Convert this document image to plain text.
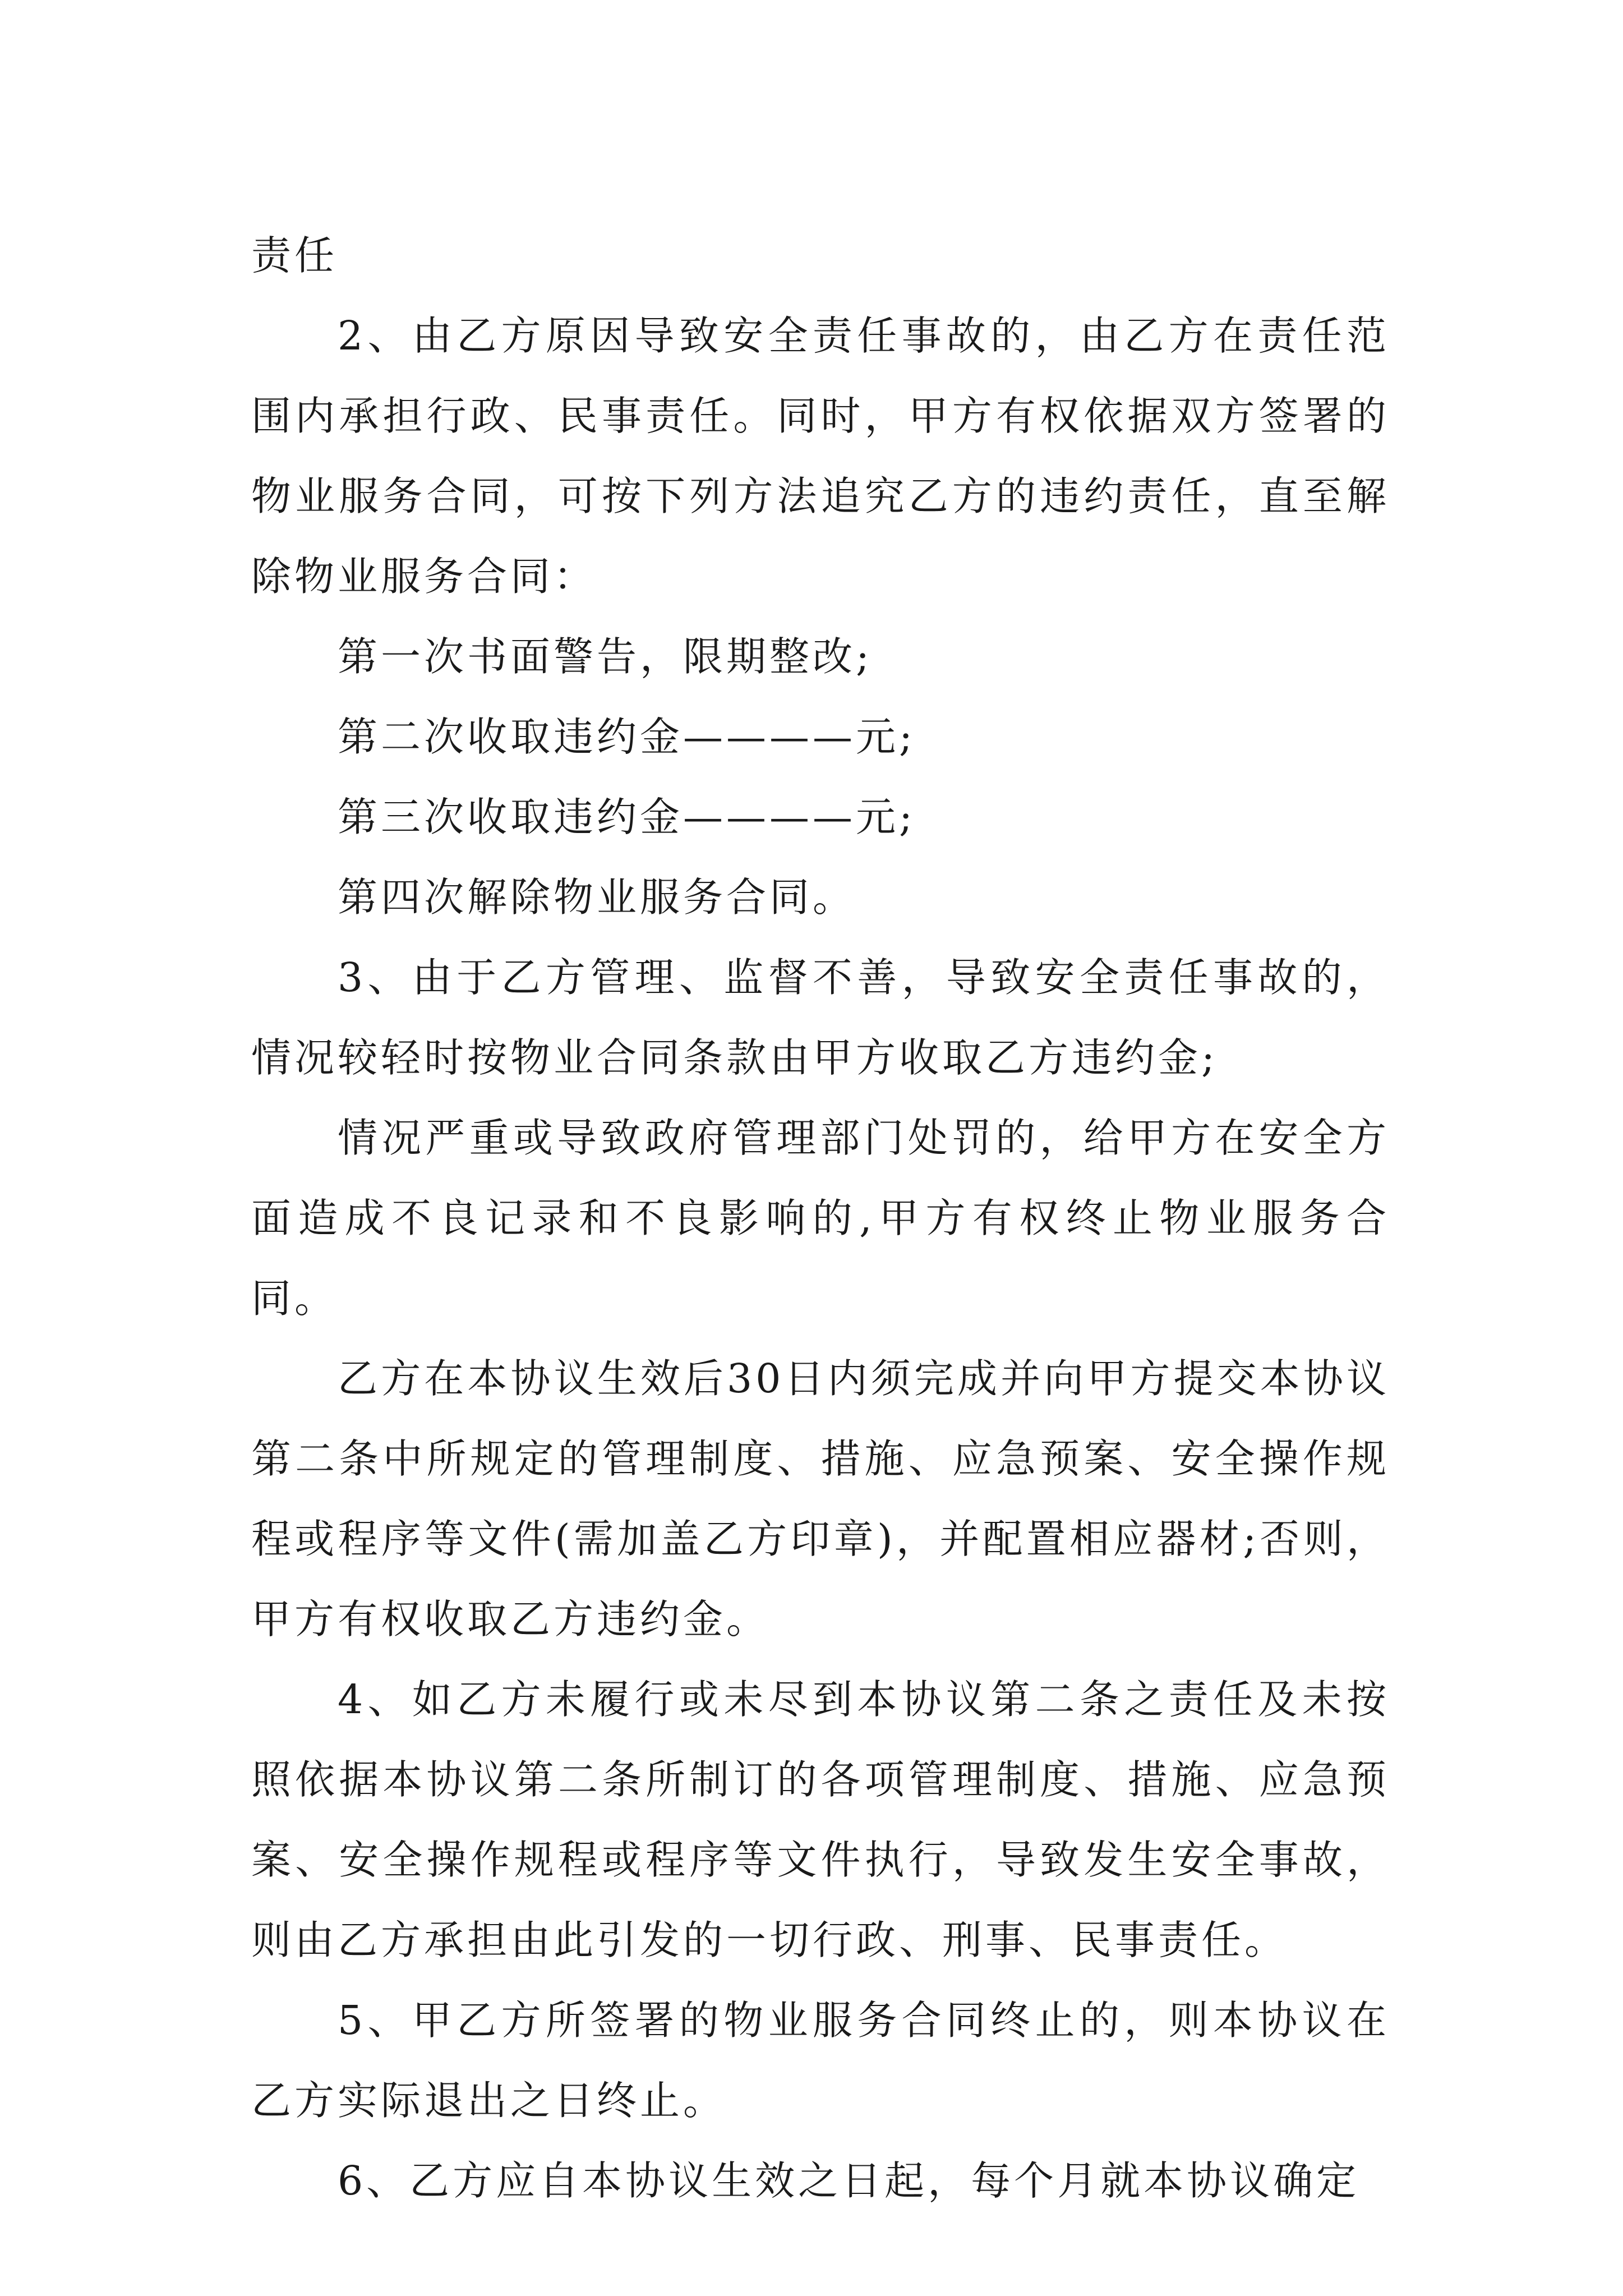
责任

2、由乙方原因导致安全责任事故的，由乙方在责任范围内承担行政、民事责任。同时，甲方有权依据双方签署的物业服务合同，可按下列方法追究乙方的违约责任，直至解除物业服务合同：

第一次书面警告，限期整改;

第二次收取违约金————元;

第三次收取违约金————元;

第四次解除物业服务合同。

3、由于乙方管理、监督不善，导致安全责任事故的，情况较轻时按物业合同条款由甲方收取乙方违约金;

情况严重或导致政府管理部门处罚的，给甲方在安全方面造成不良记录和不良影响的,甲方有权终止物业服务合同。

乙方在本协议生效后30日内须完成并向甲方提交本协议第二条中所规定的管理制度、措施、应急预案、安全操作规程或程序等文件(需加盖乙方印章)，并配置相应器材;否则，甲方有权收取乙方违约金。

4、如乙方未履行或未尽到本协议第二条之责任及未按照依据本协议第二条所制订的各项管理制度、措施、应急预案、安全操作规程或程序等文件执行，导致发生安全事故，则由乙方承担由此引发的一切行政、刑事、民事责任。

5、甲乙方所签署的物业服务合同终止的，则本协议在乙方实际退出之日终止。

6、乙方应自本协议生效之日起，每个月就本协议确定
